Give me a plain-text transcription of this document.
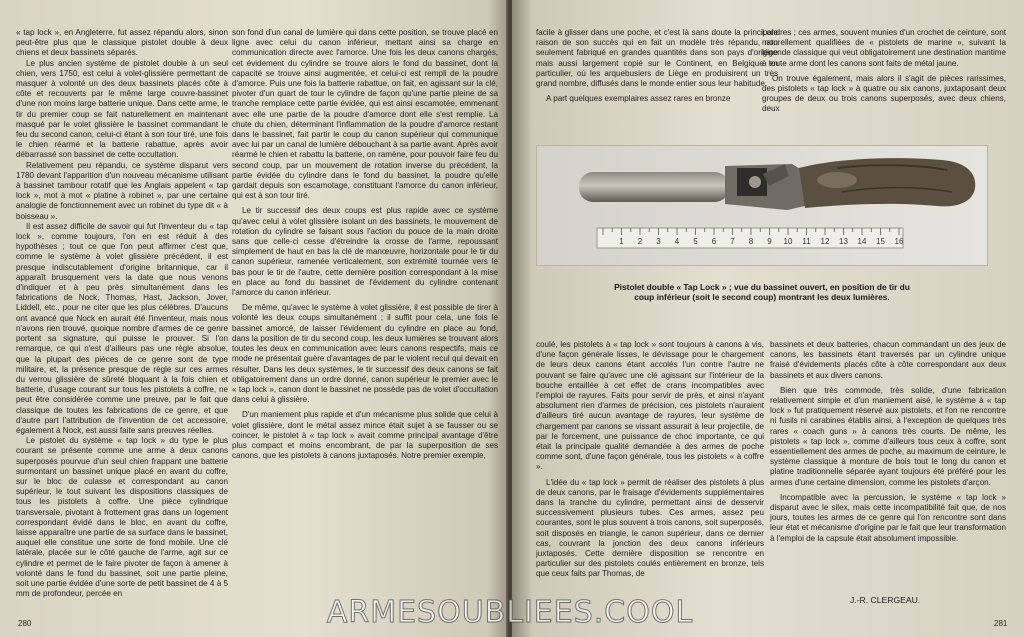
« tap lock », en Angleterre, fut assez répandu alors, sinon peut-être plus que le classique pistolet double à deux chiens et deux bassinets séparés.

Le plus ancien système de pistolet double à un seul chien, vers 1750, est celui à volet-glissière permettant de masquer à volonté un des deux bassinets placés côte à côte et recouverts par le même large couvre-bassinet d'une non moins large batterie unique. Dans cette arme, le tir du premier coup se fait naturellement en maintenant masqué par le volet glissière le bassinet commandant le feu du second canon, celui-ci étant à son tour tiré, une fois le chien réarmé et la batterie rabattue, après avoir débarrassé son bassinet de cette occultation.

Relativement peu répandu, ce système disparut vers 1780 devant l'apparition d'un nouveau mécanisme utilisant à bassinet tambour rotatif que les Anglais appelent « tap lock », mot à mot « platine à robinet », par une certaine analogie de fonctionnement avec un robinet du type dit « à boisseau ».

Il est assez difficile de savoir qui fut l'inventeur du « tap lock », comme toujours, l'on en est réduit à des hypothèses ; tout ce que l'on peut affirmer c'est que, comme le système à volet glissière précédent, il est presque indiscutablement d'origine britannique, car il apparaît brusquement vers la date que nous venons d'indiquer et à peu près simultanément dans les fabrications de Nock, Thomas, Hast, Jackson, Jover, Liddell, etc., pour ne citer que les plus célèbres. D'aucuns ont avancé que Nock en aurait été l'inventeur, mais nous n'avons rien trouvé, quoique nombre d'armes de ce genre portent sa signature, qui puisse le prouver. Si l'on remarque, ce qui n'est d'ailleurs pas une règle absolue, que la plupart des pièces de ce genre sont de type militaire, et, la présence presque de règle sur ces armes du verrou glissière de sûreté bloquant à la fois chien et batterie, d'usage courant sur tous les pistolets à coffre, ne peut être considérée comme une preuve, par le fait que classique de toutes les fabrications de ce genre, et que d'autre part l'attribution de l'invention de cet accessoire, également à Nock, est aussi faite sans preuves réelles.

Le pistolet du système « tap lock » du type le plus courant se présente comme une arme à deux canons superposés pourvue d'un seul chien frappant une batterie surmontant un bassinet unique placé en avant du coffre, sur le bloc de culasse et correspondant au canon supérieur, le tout suivant les dispositions classiques de tous les pistolets à coffre. Une pièce cylindrique transversale, pivotant à frottement gras dans un logement correspondant évidé dans le bloc, en avant du coffre, laisse apparaître une partie de sa surface dans le bassinet, auquel elle constitue une sorte de fond mobile. Une clé latérale, placée sur le côté gauche de l'arme, agit sur ce cylindre et permet de le faire pivoter de façon à amener à volonté dans le fond du bassinet, soit une partie pleine, soit une partie évidée d'une sorte de petit bassinet de 4 à 5 mm de profondeur, percée en

son fond d'un canal de lumière qui dans cette position, se trouve placé en ligne avec celui du canon inférieur, mettant ainsi sa charge en communication directe avec l'amorce. Une fois les deux canons chargés, cet évidement du cylindre se trouve alors le fond du bassinet, dont la capacité se trouve ainsi augmentée, et celui-ci est rempli de la poudre d'amorce. Puis une fois la batterie rabattue, on fait, en agissant sur la clé, pivoter d'un quart de tour le cylindre de façon qu'une partie pleine de sa tranche remplace cette partie évidée, qui est ainsi escamotée, emmenant avec elle une partie de la poudre d'amorce dont elle s'est remplie. La chute du chien, déterminant l'inflammation de la poudre d'amorce restant dans le bassinet, fait partir le coup du canon supérieur qui communique avec lui par un canal de lumière débouchant à sa partie avant. Après avoir réarmé le chien et rabattu la batterie, on ramène, pour pouvoir faire feu du second coup, par un mouvement de rotation inverse du précédent, la partie évidée du cylindre dans le fond du bassinet, la poudre qu'elle gardait depuis son escamotage, constituant l'amorce du canon inférieur, qui est à son tour tiré.

Le tir successif des deux coups est plus rapide avec ce système qu'avec celui à volet glissière isolant un des bassinets, le mouvement de rotation du cylindre se faisant sous l'action du pouce de la main droite sans que celle-ci cesse d'étreindre la crosse de l'arme, repoussant simplement de haut en bas la clé de manœuvre, horizontale pour le tir du canon supérieur, ramenée verticalement, son extrémité tournée vers le bas pour le tir de l'autre, cette dernière position correspondant à la mise en place au fond du bassinet de l'évidement du cylindre contenant l'amorce du canon inférieur.

De même, qu'avec le système à volet glissière, il est possible de tirer à volonté les deux coups simultanément ; il suffit pour cela, une fois le bassinet amorcé, de laisser l'évidement du cylindre en place au fond, dans la position de tir du second coup, les deux lumières se trouvant alors toutes les deux en communication avec leurs canons respectifs, mais ce mode ne présentait guère d'avantages de par le violent recul qui devait en résulter. Dans les deux systèmes, le tir successif des deux canons se fait obligatoirement dans un ordre donné, canon supérieur le premier avec le « tap lock », canon dont le bassinet ne possède pas de volet d'occultation dans celui à glissière.

D'un maniement plus rapide et d'un mécanisme plus solide que celui à volet glissière, dont le métal assez mince était sujet à se fausser ou se coincer, le pistolet à « tap lock » avait comme principal avantage d'être plus compact et moins encombrant, de par la superposition de ses canons, que les pistolets à canons juxtaposés. Notre premier exemple,

280

facile à glisser dans une poche, et c'est là sans doute la principale raison de son succès qui en fait un modèle très répandu, non seulement fabriqué en grandes quantités dans son pays d'origine mais aussi largement copié sur le Continent, en Belgique en particulier, où les arquebusiers de Liège en produisirent un très grand nombre, diffusés dans le monde entier sous leur habitude.

A part quelques exemplaires assez rares en bronze

Londres ; ces armes, souvent munies d'un crochet de ceinture, sont naturellement qualifiées de « pistolets de marine », suivant la légende classique qui veut obligatoirement une destination maritime à toute arme dont les canons sont faits de métal jaune.

On trouve également, mais alors il s'agit de pièces rarissimes, des pistolets « tap lock » à quatre ou six canons, juxtaposant deux groupes de deux ou trois canons superposés, avec deux chiens, deux

coulé, les pistolets à « tap lock » sont toujours à canons à vis, d'une façon générale lisses, le dévissage pour le chargement de leurs deux canons étant accolés l'un contre l'autre ne pouvant se faire qu'avec une clé agissant sur l'intérieur de la bouche entaillée à cet effet de crans incompatibles avec l'emploi de rayures. Faits pour servir de près, et ainsi n'ayant absolument rien d'armes de précision, ces pistolets n'auraient d'ailleurs tiré aucun avantage de rayures, leur système de chargement par canons se vissant assurait à leur projectile, de par le forcement, une puissance de choc importante, ce qui était la principale qualité demandée à des armes de poche comme sont, d'une façon générale, tous les pistolets « à coffre ».

L'idée du « tap lock » permit de réaliser des pistolets à plus de deux canons, par le fraisage d'évidements supplémentaires dans la tranche du cylindre, permettant ainsi de desservir successivement plusieurs tubes. Ces armes, assez peu courantes, sont le plus souvent à trois canons, soit superposés, soit disposés en triangle, le canon supérieur, dans ce dernier cas, couvrant la jonction des deux canons inférieurs juxtaposés. Cette dernière disposition se rencontre en particulier sur des pistolets coulés entièrement en bronze, tels que ceux faits par Thomas, de

bassinets et deux batteries, chacun commandant un des jeux de canons, les bassinets étant traversés par un cylindre unique fraisé d'évidements placés côte à côte correspondant aux deux bassinets et aux divers canons.

Bien que très commode, très solide, d'une fabrication relativement simple et d'un maniement aisé, le système à « tap lock » fut pratiquement réservé aux pistolets, et l'on ne rencontre ni fusils ni carabines établis ainsi, à l'exception de quelques très rares « coach guns » à canons très courts. De même, les pistolets « tap lock », comme d'ailleurs tous ceux à coffre, sont essentiellement des armes de poche, au maximum de ceinture, le système classique à monture de bois tout le long du canon et platine traditionnelle séparée ayant toujours été préféré pour les armes d'une certaine dimension, comme les pistolets d'arçon.

Incompatible avec la percussion, le système « tap lock » disparut avec le silex, mais cette incompatibilité fait que, de nos jours, toutes les armes de ce genre qui l'on rencontre sont dans leur état et mécanisme d'origine par le fait que leur transformation à l'emploi de la capsule était absolument impossible.

281
1 2 3 4 5 6 7 8 9 10 11 12 13 14 15 16
Pistolet double « Tap Lock » ; vue du bassinet ouvert, en position de tir du coup inférieur (soit le second coup) montrant les deux lumières.
J.-R. CLERGEAU.
ARMESOUBLIEES.COOL
